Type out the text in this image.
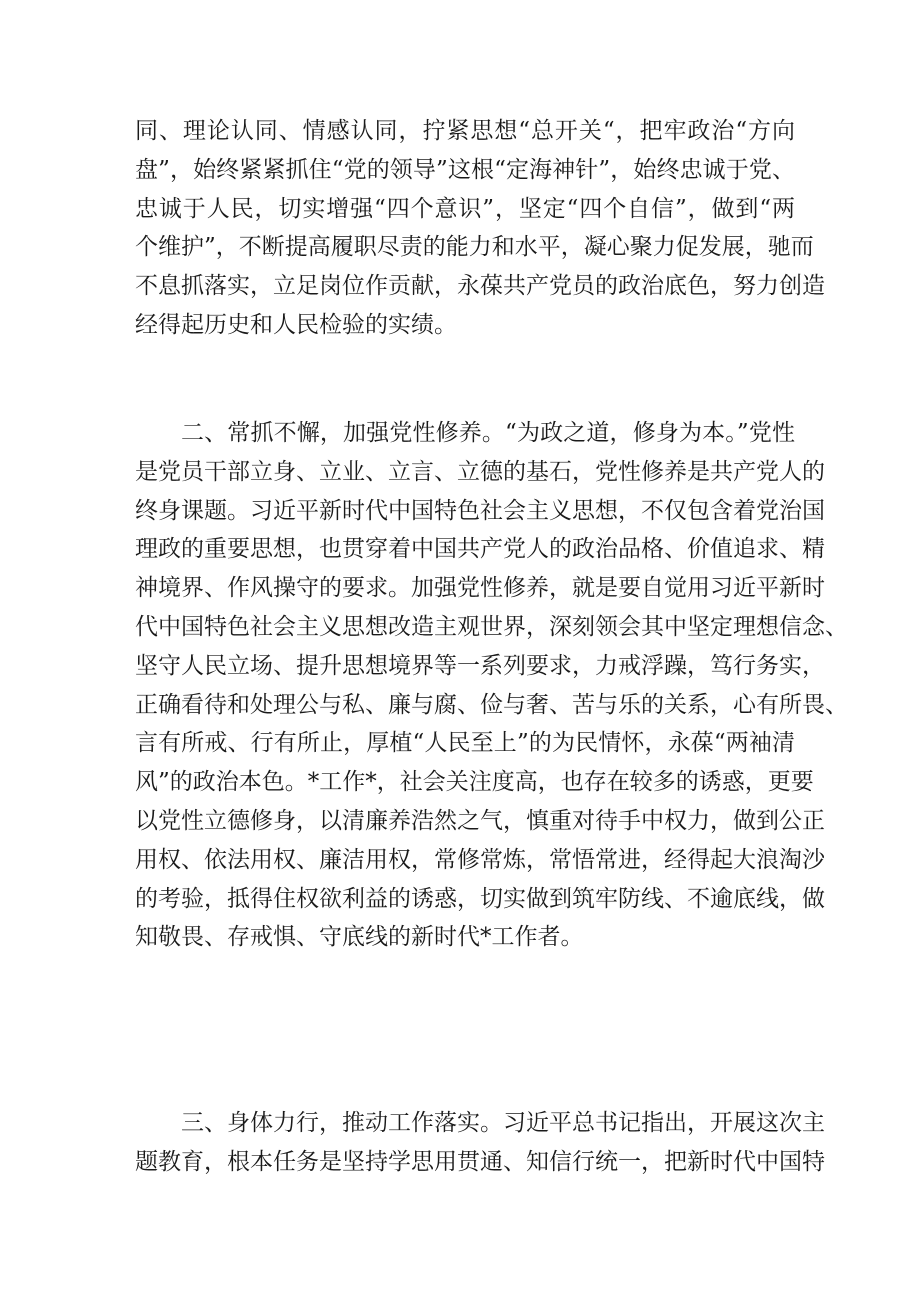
同、理论认同、情感认同，拧紧思想“总开关“，把牢政治“方向
盘”，始终紧紧抓住“党的领导”这根“定海神针”，始终忠诚于党、
忠诚于人民，切实增强“四个意识”，坚定“四个自信”，做到“两
个维护”，不断提高履职尽责的能力和水平，凝心聚力促发展，驰而
不息抓落实，立足岗位作贡献，永葆共产党员的政治底色，努力创造
经得起历史和人民检验的实绩。

二、常抓不懈，加强党性修养。“为政之道，修身为本。”党性
是党员干部立身、立业、立言、立德的基石，党性修养是共产党人的
终身课题。习近平新时代中国特色社会主义思想，不仅包含着党治国
理政的重要思想，也贯穿着中国共产党人的政治品格、价值追求、精
神境界、作风操守的要求。加强党性修养，就是要自觉用习近平新时
代中国特色社会主义思想改造主观世界，深刻领会其中坚定理想信念、
坚守人民立场、提升思想境界等一系列要求，力戒浮躁，笃行务实，
正确看待和处理公与私、廉与腐、俭与奢、苦与乐的关系，心有所畏、
言有所戒、行有所止，厚植“人民至上”的为民情怀，永葆“两袖清
风”的政治本色。*工作*，社会关注度高，也存在较多的诱惑，更要
以党性立德修身，以清廉养浩然之气，慎重对待手中权力，做到公正
用权、依法用权、廉洁用权，常修常炼，常悟常进，经得起大浪淘沙
的考验，抵得住权欲利益的诱惑，切实做到筑牢防线、不逾底线，做
知敬畏、存戒惧、守底线的新时代*工作者。

三、身体力行，推动工作落实。习近平总书记指出，开展这次主
题教育，根本任务是坚持学思用贯通、知信行统一，把新时代中国特
